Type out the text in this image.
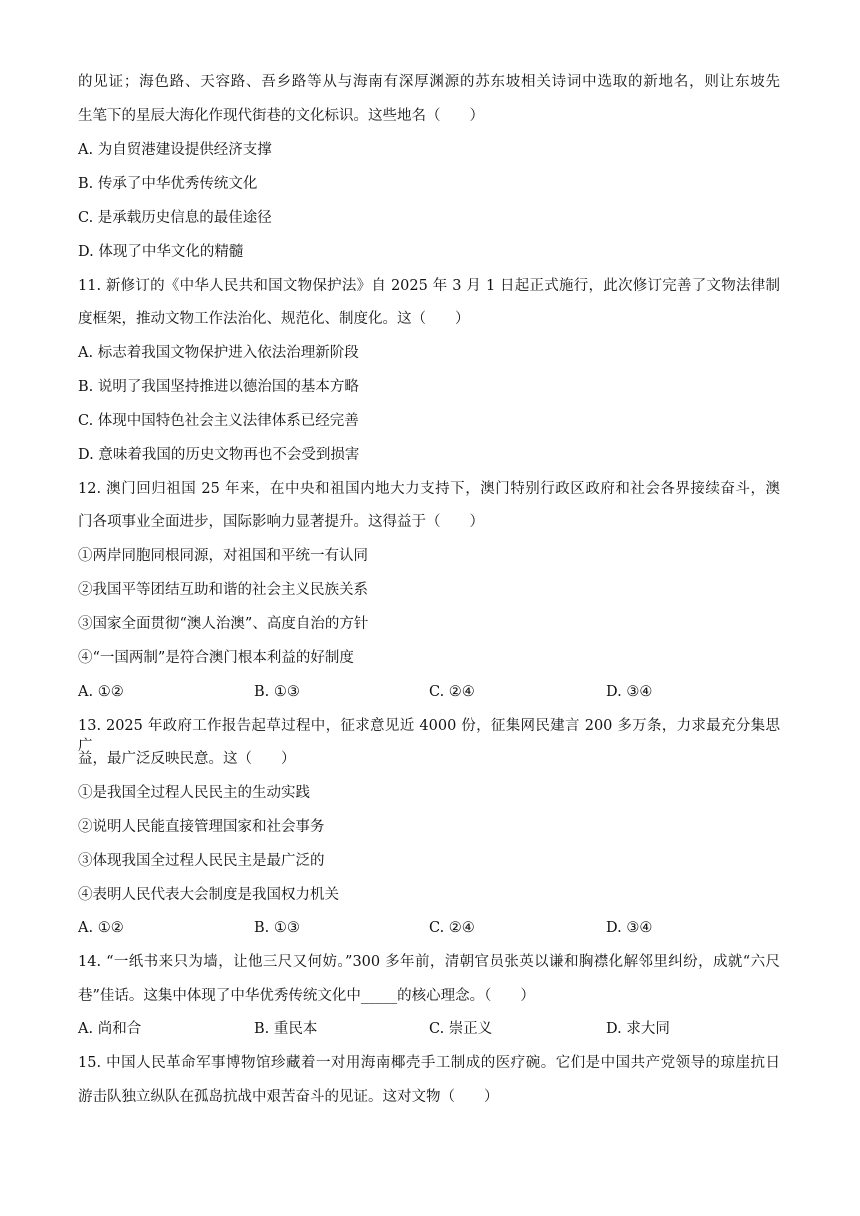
的见证；海色路、天容路、吾乡路等从与海南有深厚渊源的苏东坡相关诗词中选取的新地名，则让东坡先
生笔下的星辰大海化作现代街巷的文化标识。这些地名（　　）
A. 为自贸港建设提供经济支撑
B. 传承了中华优秀传统文化
C. 是承载历史信息的最佳途径
D. 体现了中华文化的精髓
11. 新修订的《中华人民共和国文物保护法》自 2025 年 3 月 1 日起正式施行，此次修订完善了文物法律制
度框架，推动文物工作法治化、规范化、制度化。这（　　）
A. 标志着我国文物保护进入依法治理新阶段
B. 说明了我国坚持推进以德治国的基本方略
C. 体现中国特色社会主义法律体系已经完善
D. 意味着我国的历史文物再也不会受到损害
12. 澳门回归祖国 25 年来，在中央和祖国内地大力支持下，澳门特别行政区政府和社会各界接续奋斗，澳
门各项事业全面进步，国际影响力显著提升。这得益于（　　）
①两岸同胞同根同源，对祖国和平统一有认同
②我国平等团结互助和谐的社会主义民族关系
③国家全面贯彻“澳人治澳”、高度自治的方针
④“一国两制”是符合澳门根本利益的好制度
A. ①②	B. ①③	C. ②④	D. ③④
13. 2025 年政府工作报告起草过程中，征求意见近 4000 份，征集网民建言 200 多万条，力求最充分集思广
益，最广泛反映民意。这（　　）
①是我国全过程人民民主的生动实践
②说明人民能直接管理国家和社会事务
③体现我国全过程人民民主是最广泛的
④表明人民代表大会制度是我国权力机关
A. ①②	B. ①③	C. ②④	D. ③④
14. “一纸书来只为墙，让他三尺又何妨。”300 多年前，清朝官员张英以谦和胸襟化解邻里纠纷，成就“六尺
巷”佳话。这集中体现了中华优秀传统文化中_____的核心理念。（　　）
A. 尚和合	B. 重民本	C. 崇正义	D. 求大同
15. 中国人民革命军事博物馆珍藏着一对用海南椰壳手工制成的医疗碗。它们是中国共产党领导的琼崖抗日
游击队独立纵队在孤岛抗战中艰苦奋斗的见证。这对文物（　　）
